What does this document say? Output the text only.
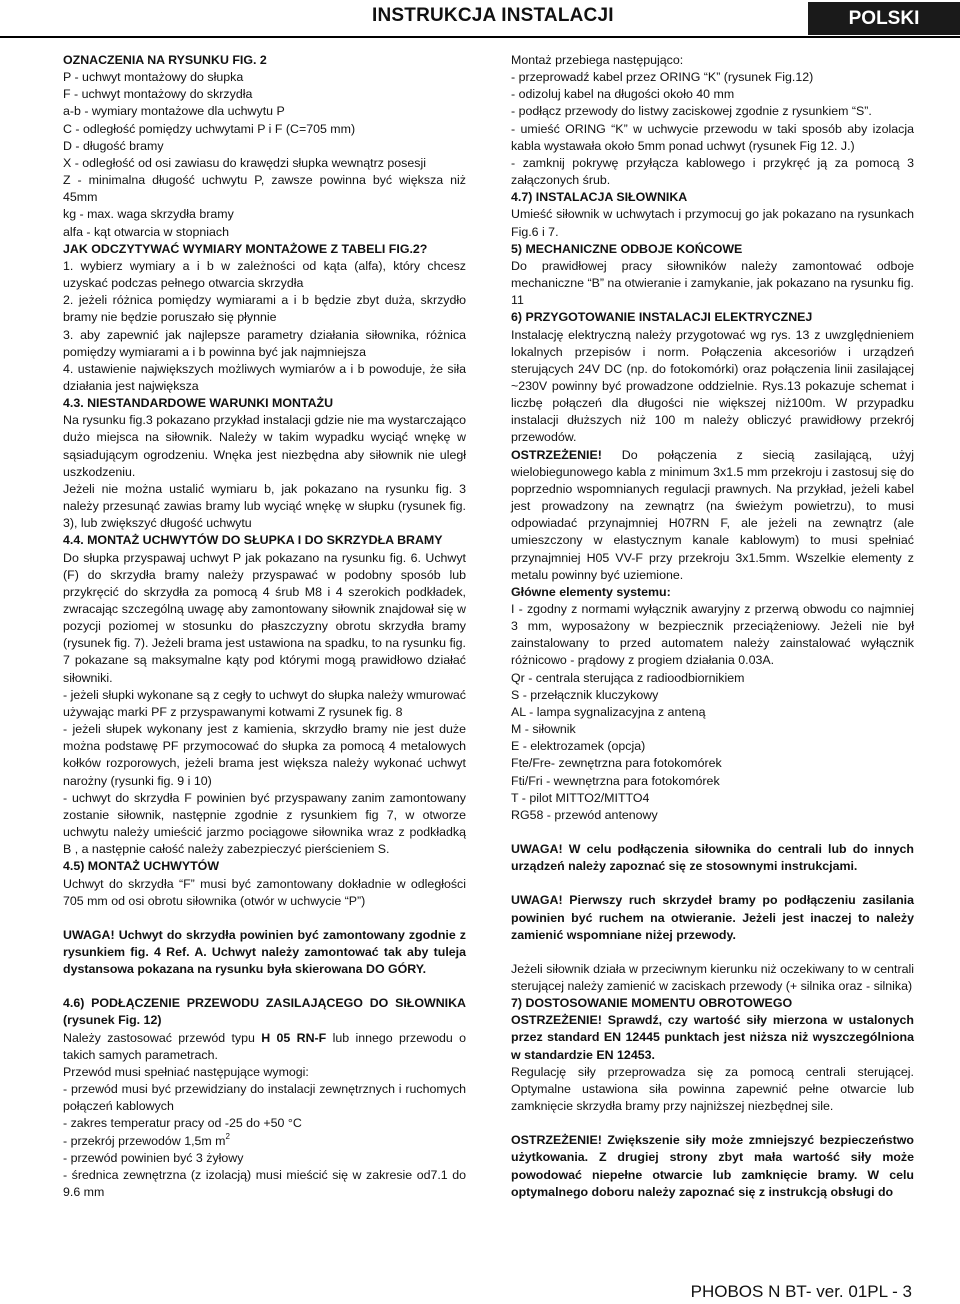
INSTRUKCJA INSTALACJI	POLSKI

OZNACZENIA NA RYSUNKU FIG. 2

P - uchwyt montażowy do słupka

F - uchwyt montażowy do skrzydła

a-b - wymiary montażowe dla uchwytu P

C - odległość pomiędzy uchwytami P i F (C=705 mm)

D - długość bramy

X - odległość od osi zawiasu do krawędzi słupka wewnątrz posesji

Z - minimalna długość uchwytu P, zawsze powinna być większa niż 45mm

kg - max. waga skrzydła bramy

alfa - kąt otwarcia w stopniach

JAK ODCZYTYWAĆ WYMIARY MONTAŻOWE Z TABELI FIG.2?

1. wybierz wymiary a i b w zależności od kąta (alfa), który chcesz uzyskać podczas pełnego otwarcia skrzydła

2. jeżeli różnica pomiędzy wymiarami a i b będzie zbyt duża, skrzydło bramy nie będzie poruszało się płynnie

3. aby zapewnić jak najlepsze parametry działania siłownika, różnica pomiędzy wymiarami a i b powinna być jak najmniejsza

4. ustawienie największych możliwych wymiarów a i b powoduje, że siła działania jest największa

4.3. NIESTANDARDOWE WARUNKI MONTAŻU

Na rysunku fig.3 pokazano przykład instalacji gdzie nie ma wystarczająco dużo miejsca na siłownik. Należy w takim wypadku wyciąć wnękę w sąsiadującym ogrodzeniu. Wnęka jest niezbędna aby siłownik nie uległ uszkodzeniu.

Jeżeli nie można ustalić wymiaru b, jak pokazano na rysunku fig. 3 należy przesunąć zawias bramy lub wyciąć wnękę w słupku (rysunek fig. 3), lub zwiększyć długość uchwytu

4.4. MONTAŻ UCHWYTÓW DO SŁUPKA I DO SKRZYDŁA BRAMY

Do słupka przyspawaj uchwyt P jak pokazano na rysunku fig. 6. Uchwyt (F) do skrzydła bramy należy przyspawać w podobny sposób lub przykręcić do skrzydła za pomocą 4 śrub M8 i 4 szerokich podkładek, zwracając szczególną uwagę aby zamontowany siłownik znajdował się w pozycji poziomej w stosunku do płaszczyzny obrotu skrzydła bramy (rysunek fig. 7). Jeżeli brama jest ustawiona na spadku, to na rysunku fig. 7 pokazane są maksymalne kąty pod którymi mogą prawidłowo działać siłowniki.

- jeżeli słupki wykonane są z cegły to uchwyt do słupka należy wmurować używając marki PF z przyspawanymi kotwami Z rysunek fig. 8

- jeżeli słupek wykonany jest z kamienia, skrzydło bramy nie jest duże można podstawę PF przymocować do słupka za pomocą 4 metalowych kołków rozporowych, jeżeli brama jest większa należy wykonać uchwyt narożny (rysunki fig. 9 i 10)

- uchwyt do skrzydła F powinien być przyspawany zanim zamontowany zostanie siłownik, następnie zgodnie z rysunkiem fig 7, w otworze uchwytu należy umieścić jarzmo pociągowe siłownika wraz z podkładką B , a następnie całość należy zabezpieczyć pierścieniem S.

4.5) MONTAŻ UCHWYTÓW

Uchwyt do skrzydła “F” musi być zamontowany dokładnie w odległości 705 mm od osi obrotu siłownika (otwór w uchwycie “P”)

UWAGA! Uchwyt do skrzydła powinien być zamontowany zgodnie z rysunkiem fig. 4 Ref. A. Uchwyt należy zamontować tak aby tuleja dystansowa pokazana na rysunku była skierowana DO GÓRY.

4.6) PODŁĄCZENIE PRZEWODU ZASILAJĄCEGO DO SIŁOWNIKA (rysunek Fig. 12)

Należy zastosować przewód typu H 05 RN-F lub innego przewodu o takich samych parametrach.

Przewód musi spełniać następujące wymogi:

- przewód musi być przewidziany do instalacji zewnętrznych i ruchomych połączeń kablowych

- zakres temperatur pracy od -25 do +50 °C

- przekrój przewodów 1,5m $m^2$

- przewód powinien być 3 żyłowy

- średnica zewnętrzna (z izolacją) musi mieścić się w zakresie od7.1 do 9.6 mm

Montaż przebiega następująco:

- przeprowadź kabel przez ORING “K” (rysunek Fig.12)

- odizoluj kabel na długości około 40 mm

- podłącz przewody do listwy zaciskowej zgodnie z rysunkiem “S”.

- umieść ORING “K” w uchwycie przewodu w taki sposób aby izolacja kabla wystawała około 5mm ponad uchwyt (rysunek Fig 12. J.)

- zamknij pokrywę przyłącza kablowego i przykręć ją za pomocą 3 załączonych śrub.

4.7) INSTALACJA SIŁOWNIKA

Umieść siłownik w uchwytach i przymocuj go jak pokazano na rysunkach Fig.6 i 7.

5) MECHANICZNE ODBOJE KOŃCOWE

Do prawidłowej pracy siłowników należy zamontować odboje mechaniczne “B” na otwieranie i zamykanie, jak pokazano na rysunku fig. 11

6) PRZYGOTOWANIE INSTALACJI ELEKTRYCZNEJ

Instalację elektryczną należy przygotować wg rys. 13 z uwzględnieniem lokalnych przepisów i norm. Połączenia akcesoriów i urządzeń sterujących 24V DC (np. do fotokomórki) oraz połączenia linii zasilającej ~230V powinny być prowadzone oddzielnie. Rys.13 pokazuje schemat i liczbę połączeń dla długości nie większej niż100m. W przypadku instalacji dłuższych niż 100 m należy obliczyć prawidłowy przekrój przewodów.

OSTRZEŻENIE! Do połączenia z siecią zasilającą, użyj wielobiegunowego kabla z minimum 3x1.5 mm przekroju i zastosuj się do poprzednio wspomnianych regulacji prawnych. Na przykład, jeżeli kabel jest prowadzony na zewnątrz (na świeżym powietrzu), to musi odpowiadać przynajmniej H07RN F, ale jeżeli na zewnątrz (ale umieszczony w elastycznym kanale kablowym) to musi spełniać przynajmniej H05 VV-F przy przekroju 3x1.5mm. Wszelkie elementy z metalu powinny być uziemione.

Główne elementy systemu:

I - zgodny z normami wyłącznik awaryjny z przerwą obwodu co najmniej 3 mm, wyposażony w bezpiecznik przeciążeniowy. Jeżeli nie był zainstalowany to przed automatem należy zainstalować wyłącznik różnicowo - prądowy z progiem działania 0.03A.

Qr - centrala sterująca z radioodbiornikiem

S - przełącznik kluczykowy

AL - lampa sygnalizacyjna z anteną

M - siłownik

E - elektrozamek (opcja)

Fte/Fre- zewnętrzna para fotokomórek

Fti/Fri - wewnętrzna para fotokomórek

T - pilot MITTO2/MITTO4

RG58 - przewód antenowy

UWAGA! W celu podłączenia siłownika do centrali lub do innych urządzeń należy zapoznać się ze stosownymi instrukcjami.

UWAGA! Pierwszy ruch skrzydeł bramy po podłączeniu zasilania powinien być ruchem na otwieranie. Jeżeli jest inaczej to należy zamienić wspomniane niżej przewody.

Jeżeli siłownik działa w przeciwnym kierunku niż oczekiwany to w centrali sterującej należy zamienić w zaciskach przewody (+ silnika oraz - silnika)

7) DOSTOSOWANIE MOMENTU OBROTOWEGO

OSTRZEŻENIE! Sprawdź, czy wartość siły mierzona w ustalonych przez standard EN 12445 punktach jest niższa niż wyszczególniona w standardzie EN 12453.

Regulację siły przeprowadza się za pomocą centrali sterującej. Optymalne ustawiona siła powinna zapewnić pełne otwarcie lub zamknięcie skrzydła bramy przy najniższej niezbędnej sile.

OSTRZEŻENIE! Zwiększenie siły może zmniejszyć bezpieczeństwo użytkowania. Z drugiej strony zbyt mała wartość siły może powodować niepełne otwarcie lub zamknięcie bramy. W celu optymalnego doboru należy zapoznać się z instrukcją obsługi do

PHOBOS N BT- ver. 01PL - 3
